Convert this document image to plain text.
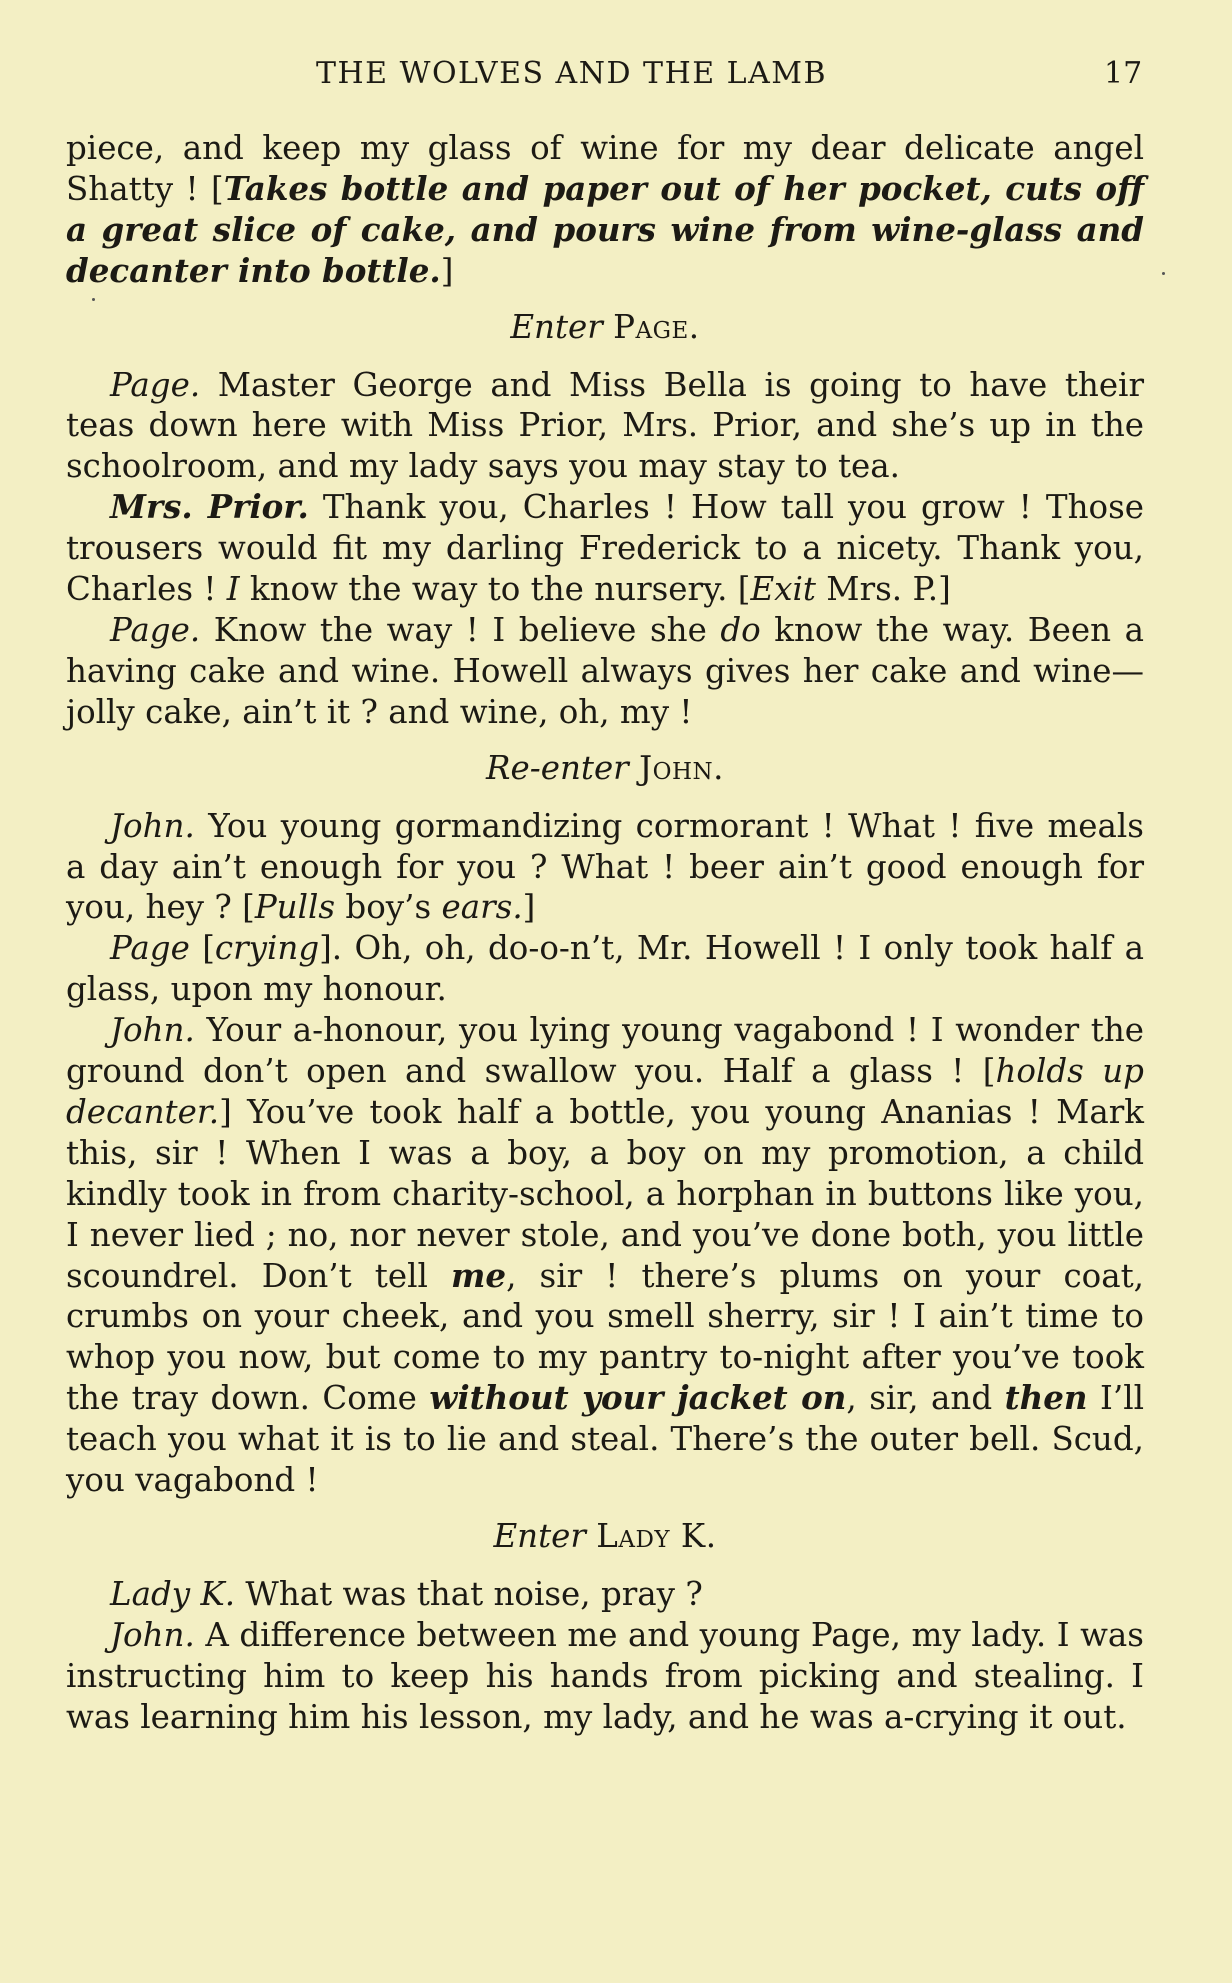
THE WOLVES AND THE LAMB	17

piece, and keep my glass of wine for my dear delicate angel Shatty ! [Takes bottle and paper out of her pocket, cuts off a great slice of cake, and pours wine from wine-glass and decanter into bottle.]

Enter Page.

Page. Master George and Miss Bella is going to have their teas down here with Miss Prior, Mrs. Prior, and she’s up in the schoolroom, and my lady says you may stay to tea.

Mrs. Prior. Thank you, Charles ! How tall you grow ! Those trousers would fit my darling Frederick to a nicety. Thank you, Charles ! I know the way to the nursery. [Exit Mrs. P.]

Page. Know the way ! I believe she do know the way. Been a having cake and wine. Howell always gives her cake and wine—jolly cake, ain’t it ? and wine, oh, my !

Re-enter John.

John. You young gormandizing cormorant ! What ! five meals a day ain’t enough for you ? What ! beer ain’t good enough for you, hey ? [Pulls boy’s ears.]

Page [crying]. Oh, oh, do-o-n’t, Mr. Howell ! I only took half a glass, upon my honour.

John. Your a-honour, you lying young vagabond ! I wonder the ground don’t open and swallow you. Half a glass ! [holds up decanter.] You’ve took half a bottle, you young Ananias ! Mark this, sir ! When I was a boy, a boy on my promotion, a child kindly took in from charity-school, a horphan in buttons like you, I never lied ; no, nor never stole, and you’ve done both, you little scoundrel. Don’t tell me, sir ! there’s plums on your coat, crumbs on your cheek, and you smell sherry, sir ! I ain’t time to whop you now, but come to my pantry to-night after you’ve took the tray down. Come without your jacket on, sir, and then I’ll teach you what it is to lie and steal. There’s the outer bell. Scud, you vagabond !

Enter Lady K.

Lady K. What was that noise, pray ?

John. A difference between me and young Page, my lady. I was instructing him to keep his hands from picking and stealing. I was learning him his lesson, my lady, and he was a-crying it out.
